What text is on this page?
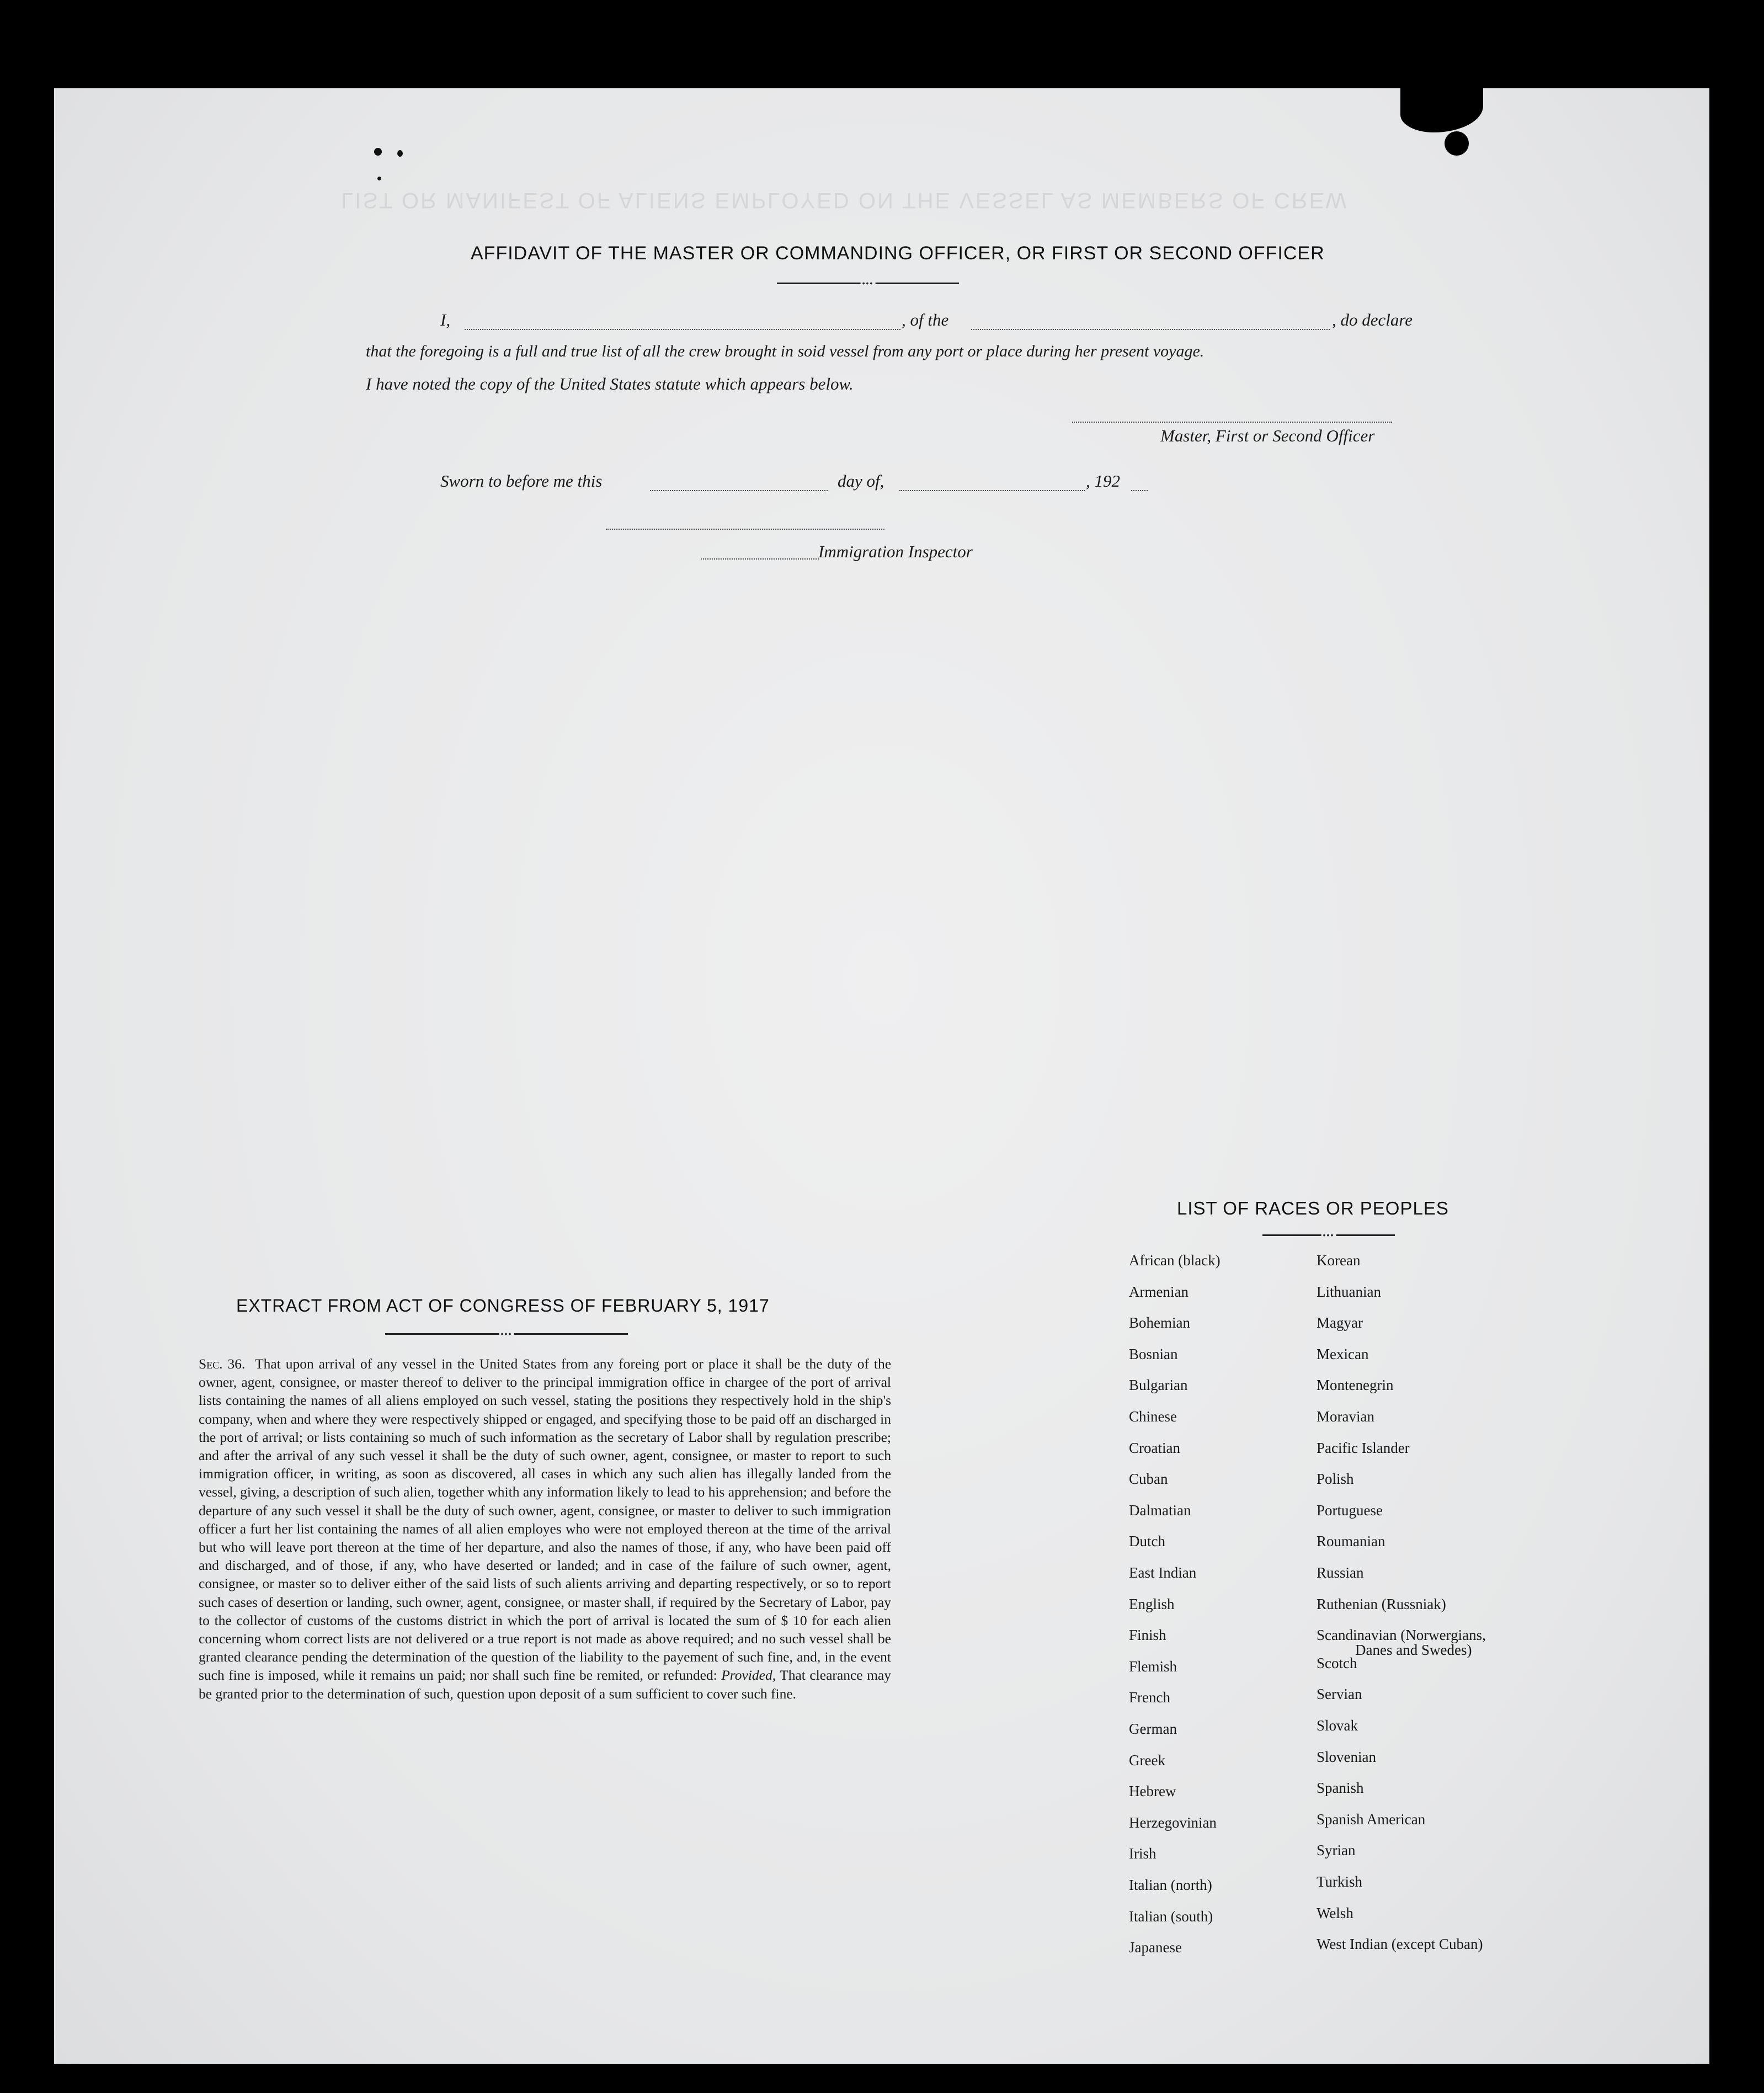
LIST OR MANIFEST OF ALIENS EMPLOYED ON THE VESSEL AS MEMBERS OF CREW
AFFIDAVIT OF THE MASTER OR COMMANDING OFFICER, OR FIRST OR SECOND OFFICER
•••
I,	, of the	, do declare
that the foregoing is a full and true list of all the crew brought in soid vessel from any port or place during her present voyage.
I have noted the copy of the United States statute which appears below.
Master, First or Second Officer
Sworn to before me this	day of,	, 192
Immigration Inspector
EXTRACT FROM ACT OF CONGRESS OF FEBRUARY 5, 1917
•••
Sec. 36. That upon arrival of any vessel in the United States from any foreing port or place it shall be the duty of the owner, agent, consignee, or master thereof to deliver to the principal immigration office in chargee of the port of arrival lists containing the names of all aliens employed on such vessel, stating the positions they respectively hold in the ship's company, when and where they were respectively shipped or engaged, and specifying those to be paid off an discharged in the port of arrival; or lists containing so much of such information as the secretary of Labor shall by regulation prescribe; and after the arrival of any such vessel it shall be the duty of such owner, agent, consignee, or master to report to such immigration officer, in writing, as soon as discovered, all cases in which any such alien has illegally landed from the vessel, giving, a description of such alien, together whith any information likely to lead to his apprehension; and before the departure of any such vessel it shall be the duty of such owner, agent, consignee, or master to deliver to such immigration officer a furt her list containing the names of all alien employes who were not employed thereon at the time of the arrival but who will leave port thereon at the time of her departure, and also the names of those, if any, who have been paid off and discharged, and of those, if any, who have deserted or landed; and in case of the failure of such owner, agent, consignee, or master so to deliver either of the said lists of such alients arriving and departing respectively, or so to report such cases of desertion or landing, such owner, agent, consignee, or master shall, if required by the Secretary of Labor, pay to the collector of customs of the customs district in which the port of arrival is located the sum of $ 10 for each alien concerning whom correct lists are not delivered or a true report is not made as above required; and no such vessel shall be granted clearance pending the determination of the question of the liability to the payement of such fine, and, in the event such fine is imposed, while it remains un paid; nor shall such fine be remited, or refunded: Provided, That clearance may be granted prior to the determination of such, question upon deposit of a sum sufficient to cover such fine.
LIST OF RACES OR PEOPLES
•••
African (black)
Armenian
Bohemian
Bosnian
Bulgarian
Chinese
Croatian
Cuban
Dalmatian
Dutch
East Indian
English
Finish
Flemish
French
German
Greek
Hebrew
Herzegovinian
Irish
Italian (north)
Italian (south)
Japanese
Korean
Lithuanian
Magyar
Mexican
Montenegrin
Moravian
Pacific Islander
Polish
Portuguese
Roumanian
Russian
Ruthenian (Russniak)
Scandinavian (Norwergians,
Danes and Swedes)
Scotch
Servian
Slovak
Slovenian
Spanish
Spanish American
Syrian
Turkish
Welsh
West Indian (except Cuban)
